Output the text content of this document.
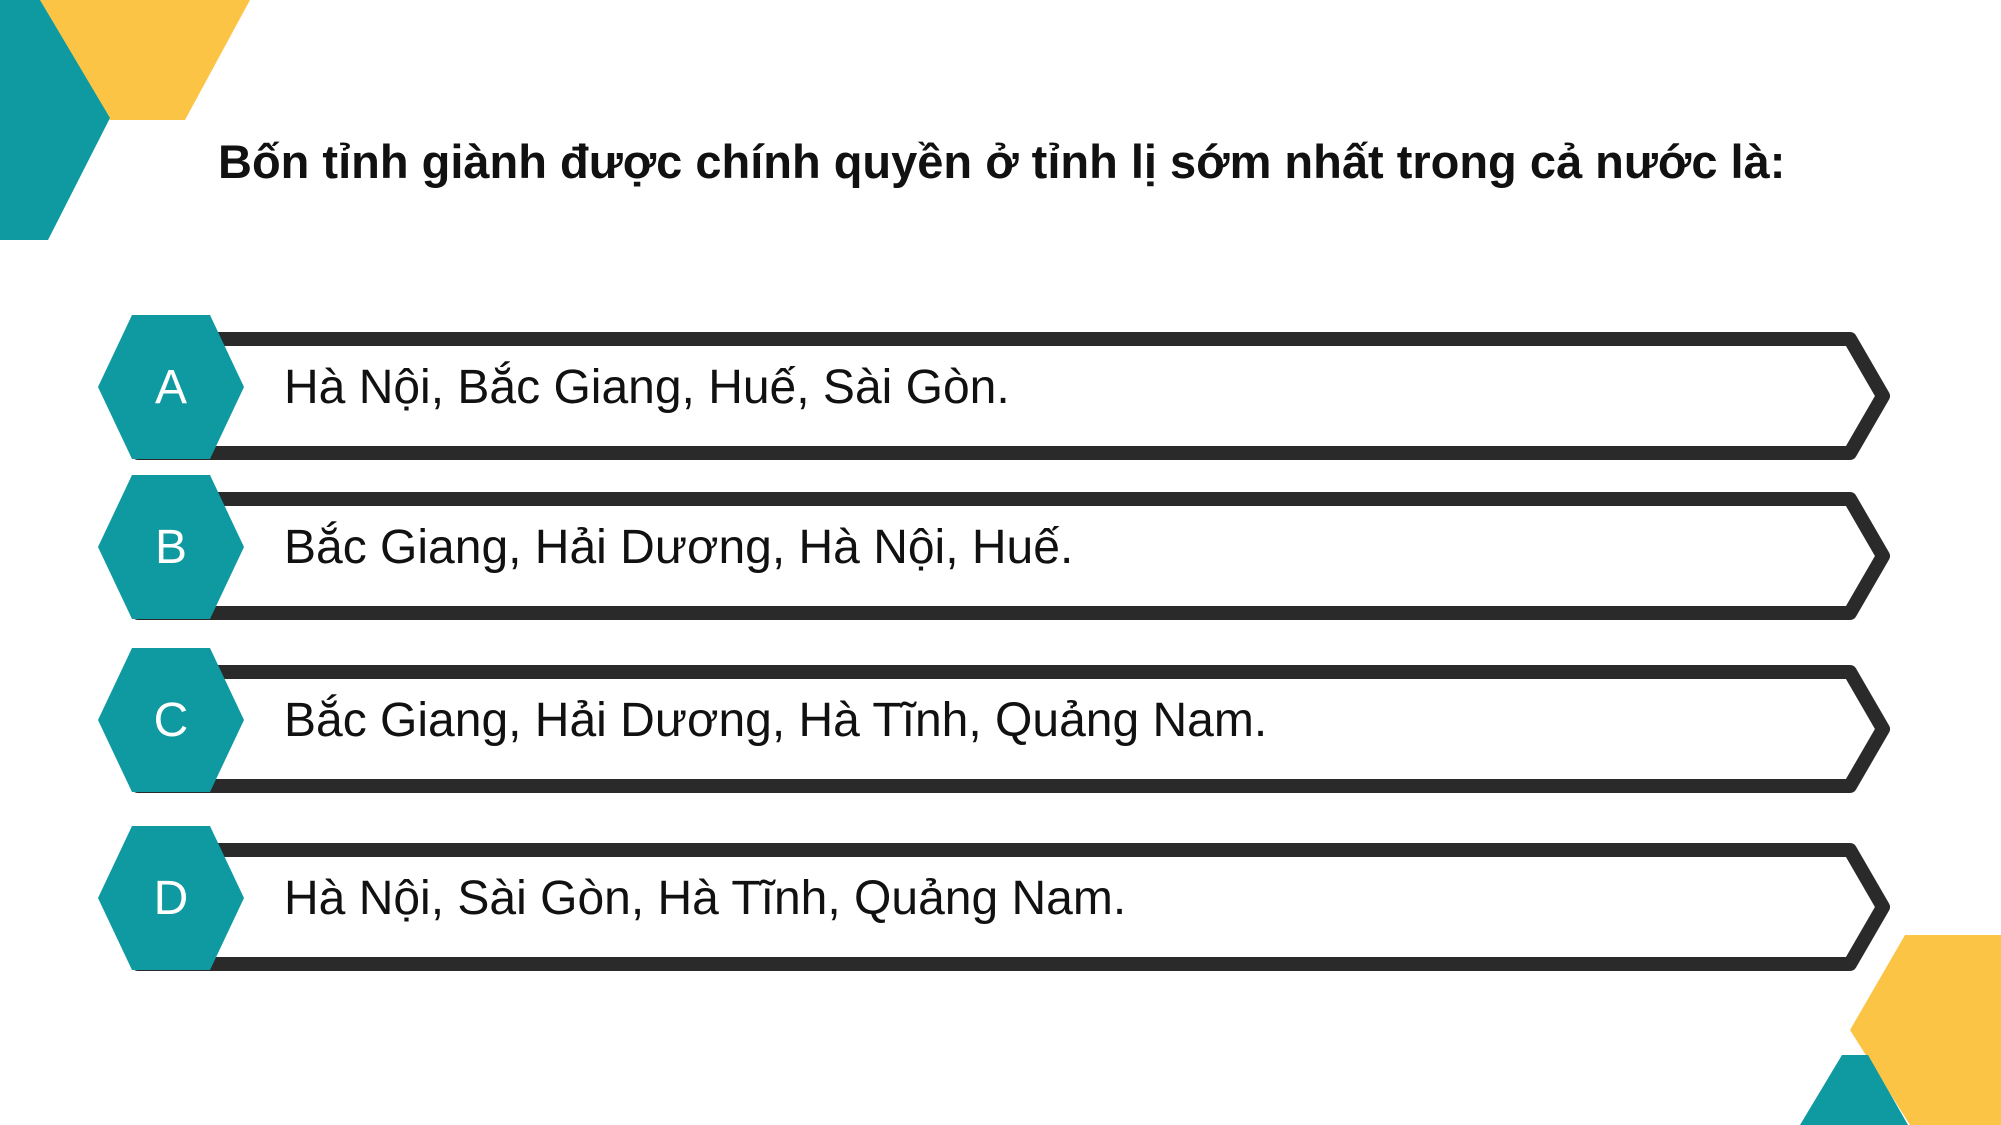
Bốn tỉnh giành được chính quyền ở tỉnh lị sớm nhất trong cả nước là:
A	Hà Nội, Bắc Giang, Huế, Sài Gòn.
B	Bắc Giang, Hải Dương, Hà Nội, Huế.
C	Bắc Giang, Hải Dương, Hà Tĩnh, Quảng Nam.
D	Hà Nội, Sài Gòn, Hà Tĩnh, Quảng Nam.
